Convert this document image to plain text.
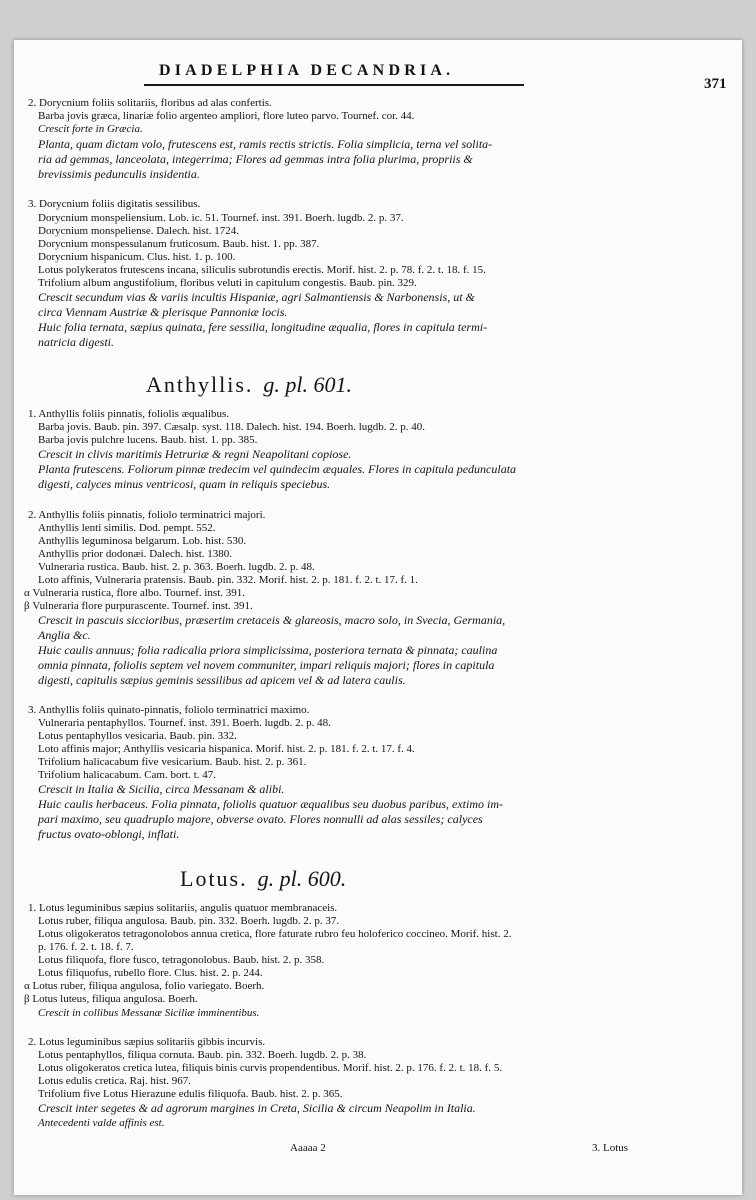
DIADELPHIA DECANDRIA.
371
2. Dorycnium foliis solitariis, floribus ad alas confertis.
Barba jovis græca, linariæ folio argenteo ampliori, flore luteo parvo. Tournef. cor. 44.
Crescit forte in Græcia.
Planta, quam dictam volo, frutescens est, ramis rectis strictis. Folia simplicia, terna vel solita-
ria ad gemmas, lanceolata, integerrima; Flores ad gemmas intra folia plurima, propriis &
brevissimis pedunculis insidentia.
3. Dorycnium foliis digitatis sessilibus.
Dorycnium monspeliensium. Lob. ic. 51. Tournef. inst. 391. Boerh. lugdb. 2. p. 37.
Dorycnium monspeliense. Dalech. hist. 1724.
Dorycnium monspessulanum fruticosum. Baub. hist. 1. pp. 387.
Dorycnium hispanicum. Clus. hist. 1. p. 100.
Lotus polykeratos frutescens incana, siliculis subrotundis erectis. Morif. hist. 2. p. 78. f. 2. t. 18. f. 15.
Trifolium album angustifolium, floribus veluti in capitulum congestis. Baub. pin. 329.
Crescit secundum vias & variis incultis Hispaniæ, agri Salmantiensis & Narbonensis, ut &
circa Viennam Austriæ & plerisque Pannoniæ locis.
Huic folia ternata, sæpius quinata, fere sessilia, longitudine æqualia, flores in capitula termi-
natricia digesti.
Anthyllis. g. pl. 601.
1. Anthyllis foliis pinnatis, foliolis æqualibus.
Barba jovis. Baub. pin. 397. Cæsalp. syst. 118. Dalech. hist. 194. Boerh. lugdb. 2. p. 40.
Barba jovis pulchre lucens. Baub. hist. 1. pp. 385.
Crescit in clivis maritimis Hetruriæ & regni Neapolitani copiose.
Planta frutescens. Foliorum pinnæ tredecim vel quindecim æquales. Flores in capitula pedunculata
digesti, calyces minus ventricosi, quam in reliquis speciebus.
2. Anthyllis foliis pinnatis, foliolo terminatrici majori.
Anthyllis lenti similis. Dod. pempt. 552.
Anthyllis leguminosa belgarum. Lob. hist. 530.
Anthyllis prior dodonæi. Dalech. hist. 1380.
Vulneraria rustica. Baub. hist. 2. p. 363. Boerh. lugdb. 2. p. 48.
Loto affinis, Vulneraria pratensis. Baub. pin. 332. Morif. hist. 2. p. 181. f. 2. t. 17. f. 1.
α Vulneraria rustica, flore albo. Tournef. inst. 391.
β Vulneraria flore purpurascente. Tournef. inst. 391.
Crescit in pascuis siccioribus, præsertim cretaceis & glareosis, macro solo, in Svecia, Germania,
Anglia &c.
Huic caulis annuus; folia radicalia priora simplicissima, posteriora ternata & pinnata; caulina
omnia pinnata, foliolis septem vel novem communiter, impari reliquis majori; flores in capitula
digesti, capitulis sæpius geminis sessilibus ad apicem vel & ad latera caulis.
3. Anthyllis foliis quinato-pinnatis, foliolo terminatrici maximo.
Vulneraria pentaphyllos. Tournef. inst. 391. Boerh. lugdb. 2. p. 48.
Lotus pentaphyllos vesicaria. Baub. pin. 332.
Loto affinis major; Anthyllis vesicaria hispanica. Morif. hist. 2. p. 181. f. 2. t. 17. f. 4.
Trifolium halicacabum five vesicarium. Baub. hist. 2. p. 361.
Trifolium halicacabum. Cam. bort. t. 47.
Crescit in Italia & Sicilia, circa Messanam & alibi.
Huic caulis herbaceus. Folia pinnata, foliolis quatuor æqualibus seu duobus paribus, extimo im-
pari maximo, seu quadruplo majore, obverse ovato. Flores nonnulli ad alas sessiles; calyces
fructus ovato-oblongi, inflati.
Lotus. g. pl. 600.
1. Lotus leguminibus sæpius solitariis, angulis quatuor membranaceis.
Lotus ruber, filiqua angulosa. Baub. pin. 332. Boerh. lugdb. 2. p. 37.
Lotus oligokeratos tetragonolobos annua cretica, flore faturate rubro feu holoferico coccineo. Morif. hist. 2.
p. 176. f. 2. t. 18. f. 7.
Lotus filiquofa, flore fusco, tetragonolobus. Baub. hist. 2. p. 358.
Lotus filiquofus, rubello flore. Clus. hist. 2. p. 244.
α Lotus ruber, filiqua angulosa, folio variegato. Boerh.
β Lotus luteus, filiqua angulosa. Boerh.
Crescit in collibus Messanæ Siciliæ imminentibus.
2. Lotus leguminibus sæpius solitariis gibbis incurvis.
Lotus pentaphyllos, filiqua cornuta. Baub. pin. 332. Boerh. lugdb. 2. p. 38.
Lotus oligokeratos cretica lutea, filiquis binis curvis propendentibus. Morif. hist. 2. p. 176. f. 2. t. 18. f. 5.
Lotus edulis cretica. Raj. hist. 967.
Trifolium five Lotus Hierazune edulis filiquofa. Baub. hist. 2. p. 365.
Crescit inter segetes & ad agrorum margines in Creta, Sicilia & circum Neapolim in Italia.
Antecedenti valde affinis est.
Aaaaa 2	3. Lotus
